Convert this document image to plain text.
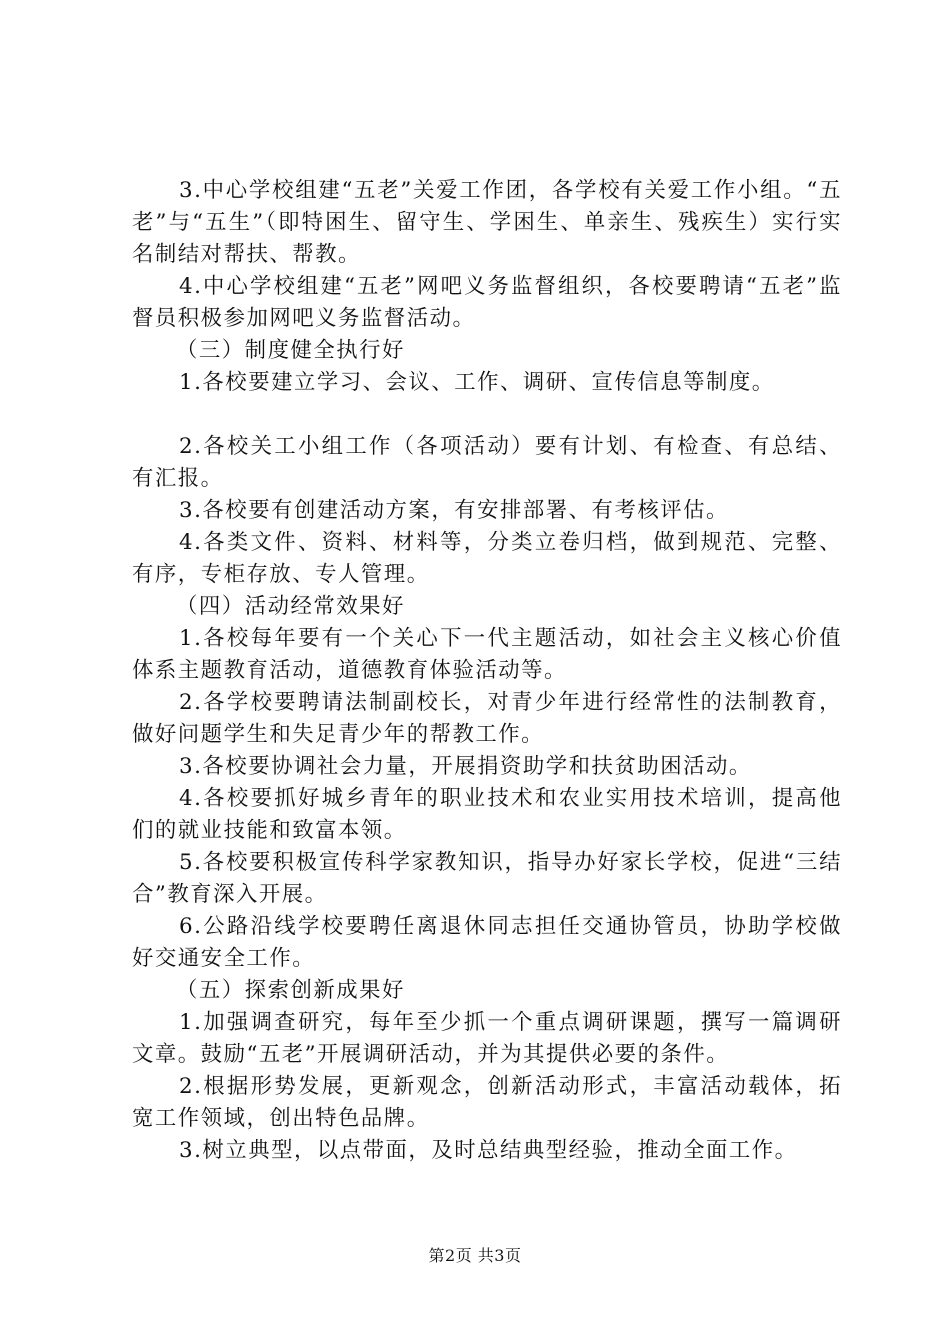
3.中心学校组建“五老”关爱工作团，各学校有关爱工作小组。“五老”与“五生”（即特困生、留守生、学困生、单亲生、残疾生）实行实名制结对帮扶、帮教。

4.中心学校组建“五老”网吧义务监督组织，各校要聘请“五老”监督员积极参加网吧义务监督活动。

（三）制度健全执行好

1.各校要建立学习、会议、工作、调研、宣传信息等制度。

2.各校关工小组工作（各项活动）要有计划、有检查、有总结、有汇报。

3.各校要有创建活动方案，有安排部署、有考核评估。

4.各类文件、资料、材料等，分类立卷归档，做到规范、完整、有序，专柜存放、专人管理。

（四）活动经常效果好

1.各校每年要有一个关心下一代主题活动，如社会主义核心价值体系主题教育活动，道德教育体验活动等。

2.各学校要聘请法制副校长，对青少年进行经常性的法制教育，做好问题学生和失足青少年的帮教工作。

3.各校要协调社会力量，开展捐资助学和扶贫助困活动。

4.各校要抓好城乡青年的职业技术和农业实用技术培训，提高他们的就业技能和致富本领。

5.各校要积极宣传科学家教知识，指导办好家长学校，促进“三结合”教育深入开展。

6.公路沿线学校要聘任离退休同志担任交通协管员，协助学校做好交通安全工作。

（五）探索创新成果好

1.加强调查研究，每年至少抓一个重点调研课题，撰写一篇调研文章。鼓励“五老”开展调研活动，并为其提供必要的条件。

2.根据形势发展，更新观念，创新活动形式，丰富活动载体，拓宽工作领域，创出特色品牌。

3.树立典型，以点带面，及时总结典型经验，推动全面工作。

第2页 共3页
